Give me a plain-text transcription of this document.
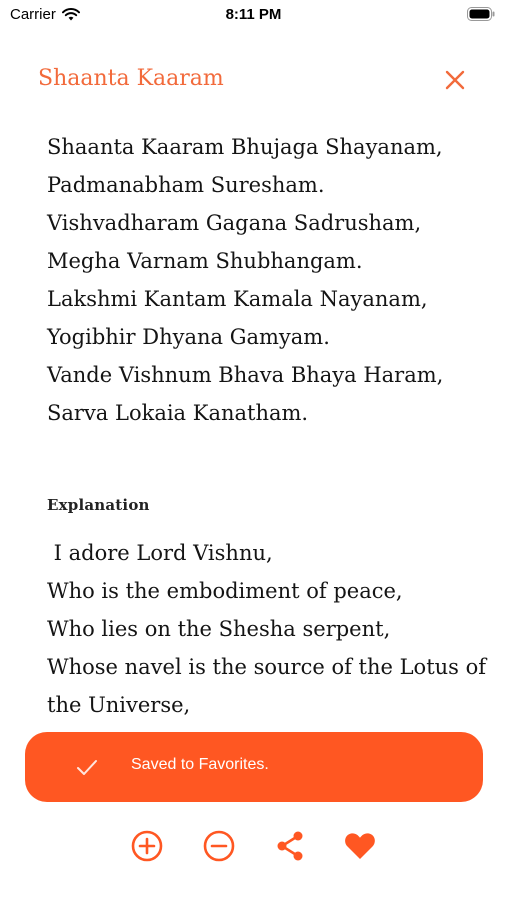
Carrier	8:11 PM
Shaanta Kaaram
Shaanta Kaaram Bhujaga Shayanam,
Padmanabham Suresham.
Vishvadharam Gagana Sadrusham,
Megha Varnam Shubhangam.
Lakshmi Kantam Kamala Nayanam,
Yogibhir Dhyana Gamyam.
Vande Vishnum Bhava Bhaya Haram,
Sarva Lokaia Kanatham.
Explanation
I adore Lord Vishnu,
Who is the embodiment of peace,
Who lies on the Shesha serpent,
Whose navel is the source of the Lotus of
the Universe,
Saved to Favorites.
